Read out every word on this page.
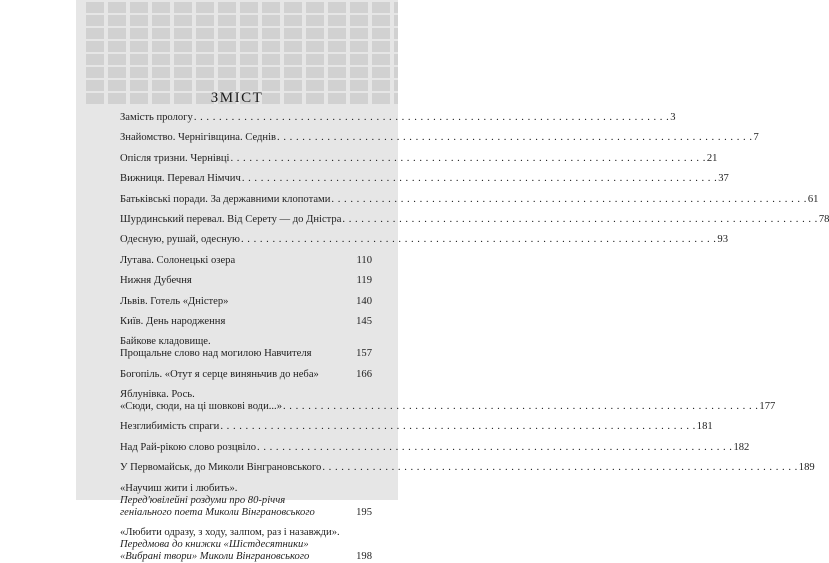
ЗМІСТ
Замість прологу . . .	3
Знайомство. Чернігівщина. Седнів . . .	7
Опісля тризни. Чернівці . . .	21
Вижниця. Перевал Німчич . . .	37
Батьківські поради. За державними клопотами . . .	61
Шурдинський перевал. Від Серету — до Дністра . . .	78
Одесную, рушай, одесную . . .	93
Лутава. Солонецькі озера	110
Нижня Дубечня	119
Львів. Готель «Дністер»	140
Київ. День народження	145
Байкове кладовище.
Прощальне слово над могилою Навчителя	157
Богопіль. «Отут я серце виняньчив до неба»	166
Яблунівка. Рось.
«Сюди, сюди, на ці шовкові води...» . . .	177
Незглибимість спраги . . .	181
Над Рай-рікою слово розцвіло . . .	182
У Первомайськ, до Миколи Вінграновського . . .	189
«Научиш жити і любить».
Перед'ювілейні роздуми про 80-річчя
геніального поета Миколи Вінграновського	195
«Любити одразу, з ходу, залпом, раз і назавжди».
Передмова до книжки «Шістдесятники»
«Вибрані твори» Миколи Вінграновського	198
